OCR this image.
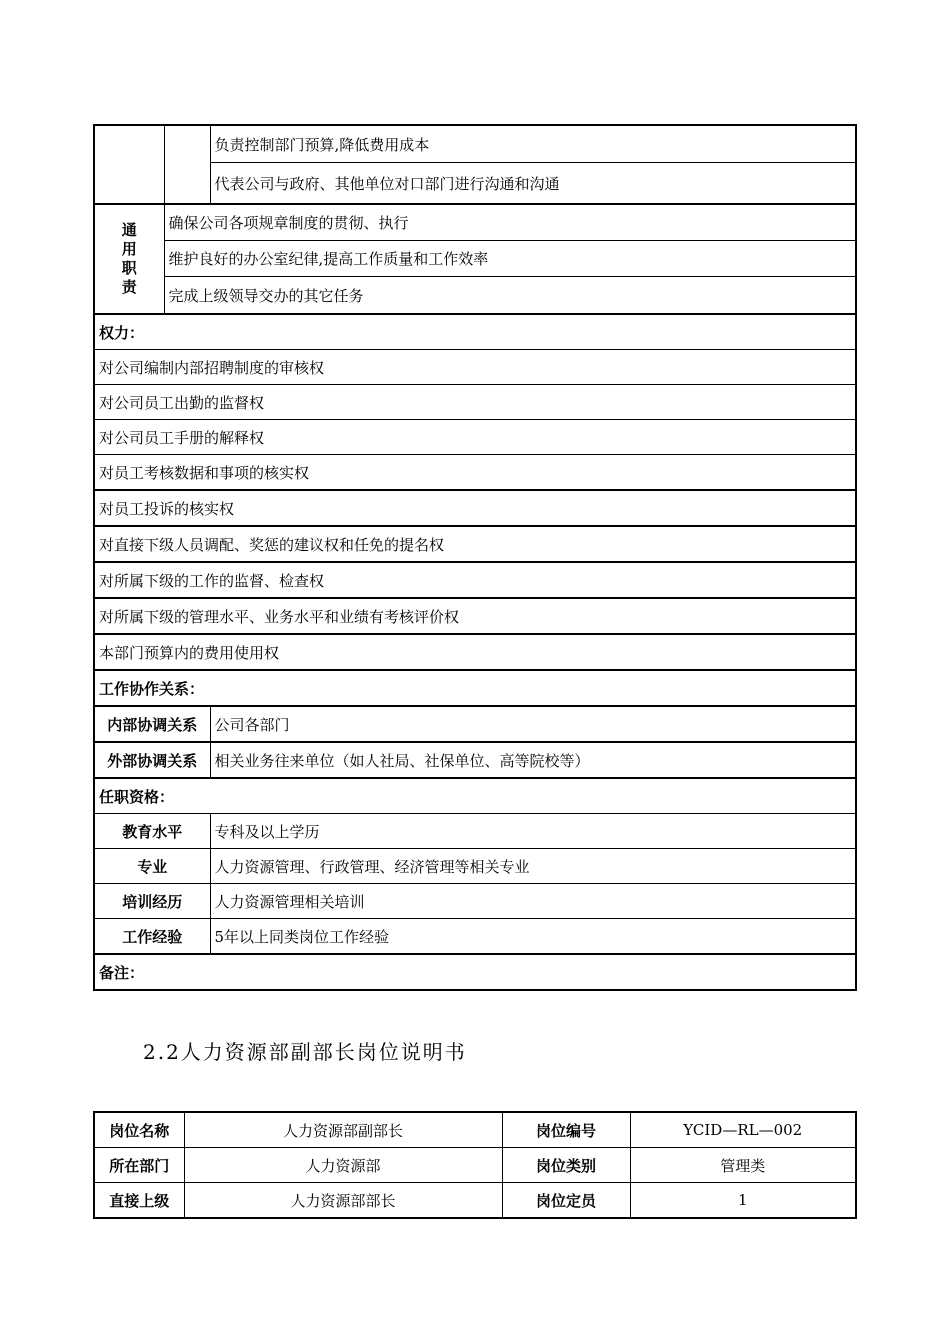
		负责控制部门预算,降低费用成本
		代表公司与政府、其他单位对口部门进行沟通和沟通
通
用
职
责	确保公司各项规章制度的贯彻、执行	
	维护良好的办公室纪律,提高工作质量和工作效率	
	完成上级领导交办的其它任务	
权力：		
对公司编制内部招聘制度的审核权		
对公司员工出勤的监督权		
对公司员工手册的解释权		
对员工考核数据和事项的核实权		
对员工投诉的核实权		
对直接下级人员调配、奖惩的建议权和任免的提名权		
对所属下级的工作的监督、检查权		
对所属下级的管理水平、业务水平和业绩有考核评价权		
本部门预算内的费用使用权		
工作协作关系：		
内部协调关系		公司各部门
外部协调关系		相关业务往来单位（如人社局、社保单位、高等院校等）
任职资格：		
教育水平		专科及以上学历
专业		人力资源管理、行政管理、经济管理等相关专业
培训经历		人力资源管理相关培训
工作经验		5年以上同类岗位工作经验
备注：		
2.2人力资源部副部长岗位说明书
岗位名称	人力资源部副部长	岗位编号	YCID—RL—002
所在部门	人力资源部	岗位类别	管理类
直接上级	人力资源部部长	岗位定员	1
